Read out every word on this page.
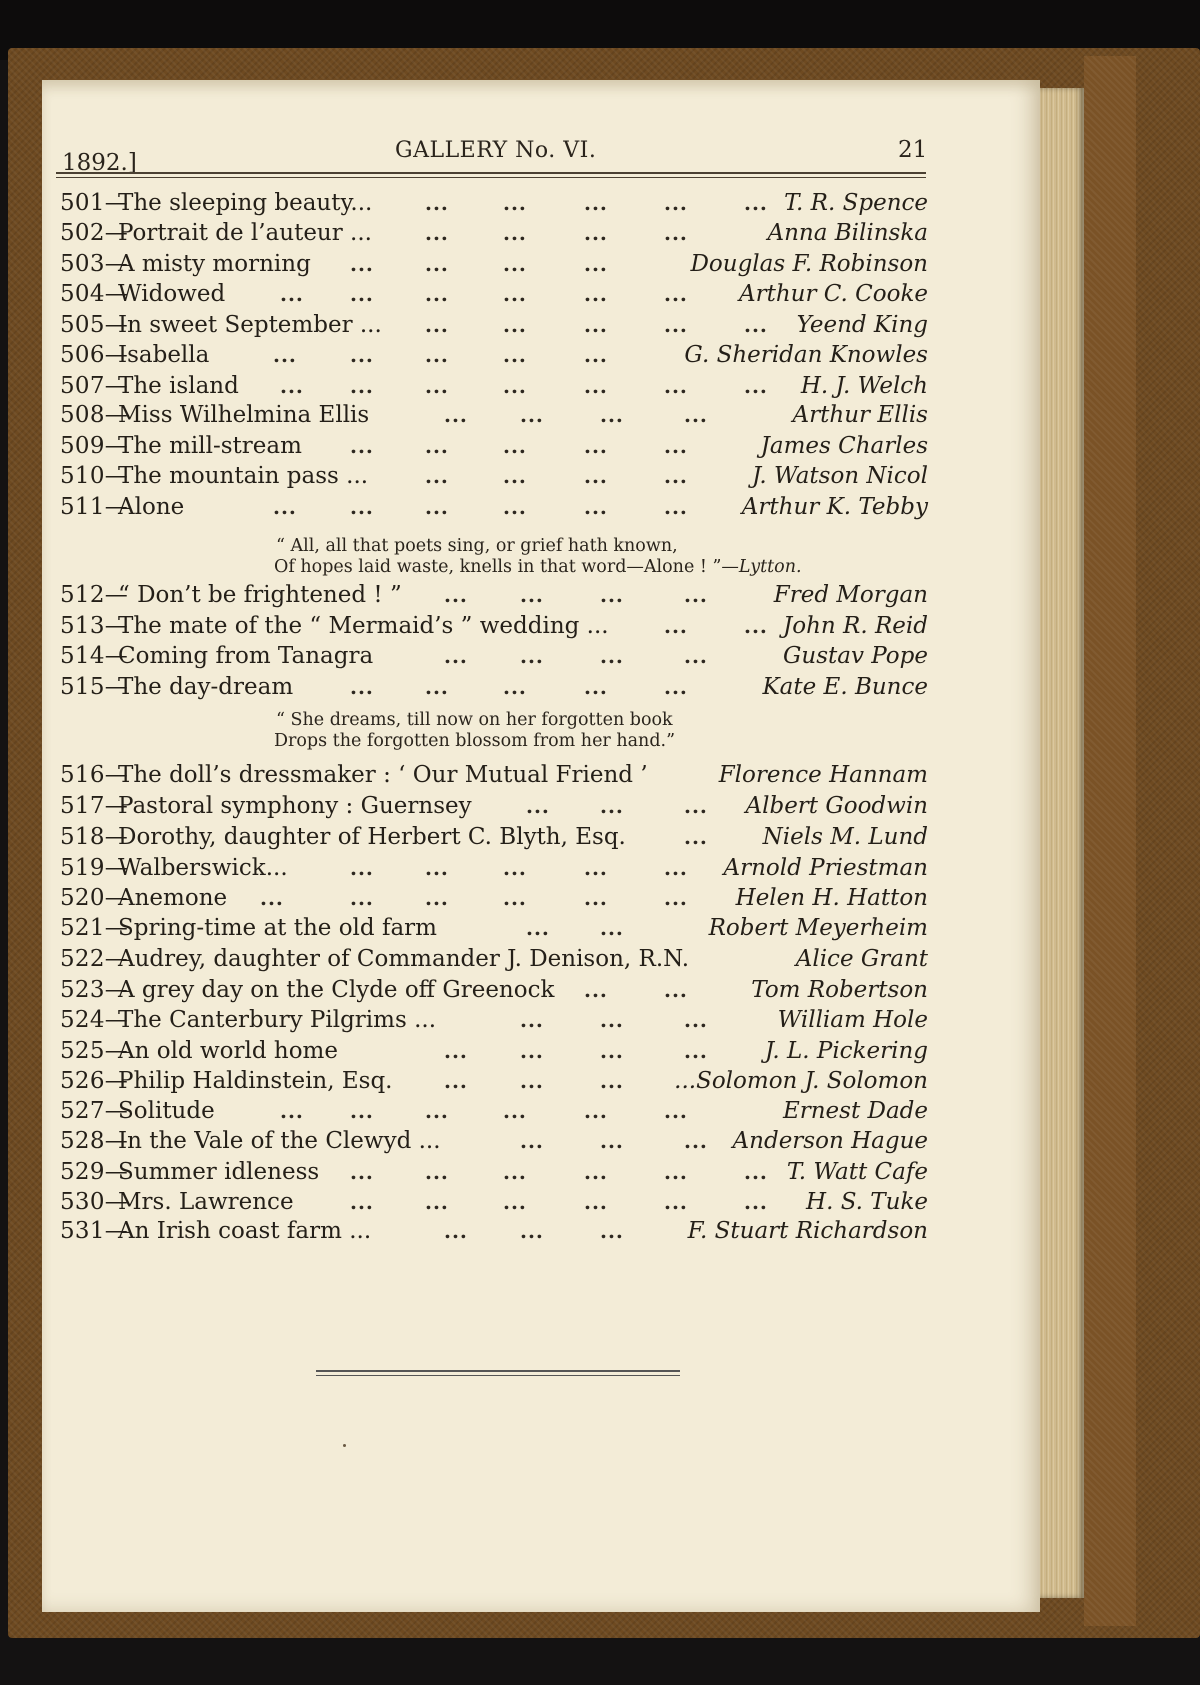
1892.]	GALLERY No. VI.	21
...	...	...	...	...
501—The sleeping beauty...	T. R. Spence
...	...	...	...
502—Portrait de l’auteur ...	Anna Bilinska
...	...	...	...
503—A misty morning	Douglas F. Robinson
... ...	...	...	...	...
504—Widowed	Arthur C. Cooke
...	...	...	...	...
505—In sweet September ...	Yeend King
...	...	...	...	...
506—Isabella	G. Sheridan Knowles
... ...	...	...	...	...	...
507—The island	H. J. Welch
...	...	...	...
508—Miss Wilhelmina Ellis	Arthur Ellis
...	...	...	...	...
509—The mill-stream	James Charles
...	...	...	...
510—The mountain pass ...	J. Watson Nicol
...	...	...	...	...	...
511—Alone	Arthur K. Tebby
...	...	...	...
512—“ Don’t be frightened ! ”	Fred Morgan
...	...
513—The mate of the “ Mermaid’s ” wedding ...	John R. Reid
...	...	...	...
514—Coming from Tanagra	Gustav Pope
...	...	...	...	...
515—The day-dream	Kate E. Bunce
516—The doll’s dressmaker : ‘ Our Mutual Friend ’	Florence Hannam
...	...	...
517—Pastoral symphony : Guernsey	Albert Goodwin
...
518—Dorothy, daughter of Herbert C. Blyth, Esq.	Niels M. Lund
...	...	...	...	...
519—Walberswick...	Arnold Priestman
...	...	...	...	...	...
520—Anemone	Helen H. Hatton
...	...
521—Spring-time at the old farm	Robert Meyerheim
522—Audrey, daughter of Commander J. Denison, R.N.	Alice Grant
...	...
523—A grey day on the Clyde off Greenock	Tom Robertson
...	...	...
524—The Canterbury Pilgrims ...	William Hole
...	...	...	...
525—An old world home	J. L. Pickering
...	...	...
526—Philip Haldinstein, Esq.	...Solomon J. Solomon
... ...	...	...	...	...
527—Solitude	Ernest Dade
...	...	...
528—In the Vale of the Clewyd ...	Anderson Hague
...	...	...	...	...	...
529—Summer idleness	T. Watt Cafe
...	...	...	...	...	...
530—Mrs. Lawrence	H. S. Tuke
...	...	...
531—An Irish coast farm ...	F. Stuart Richardson
“ All, all that poets sing, or grief hath known,
Of hopes laid waste, knells in that word—Alone ! ”—Lytton.
“ She dreams, till now on her forgotten book
Drops the forgotten blossom from her hand.”
